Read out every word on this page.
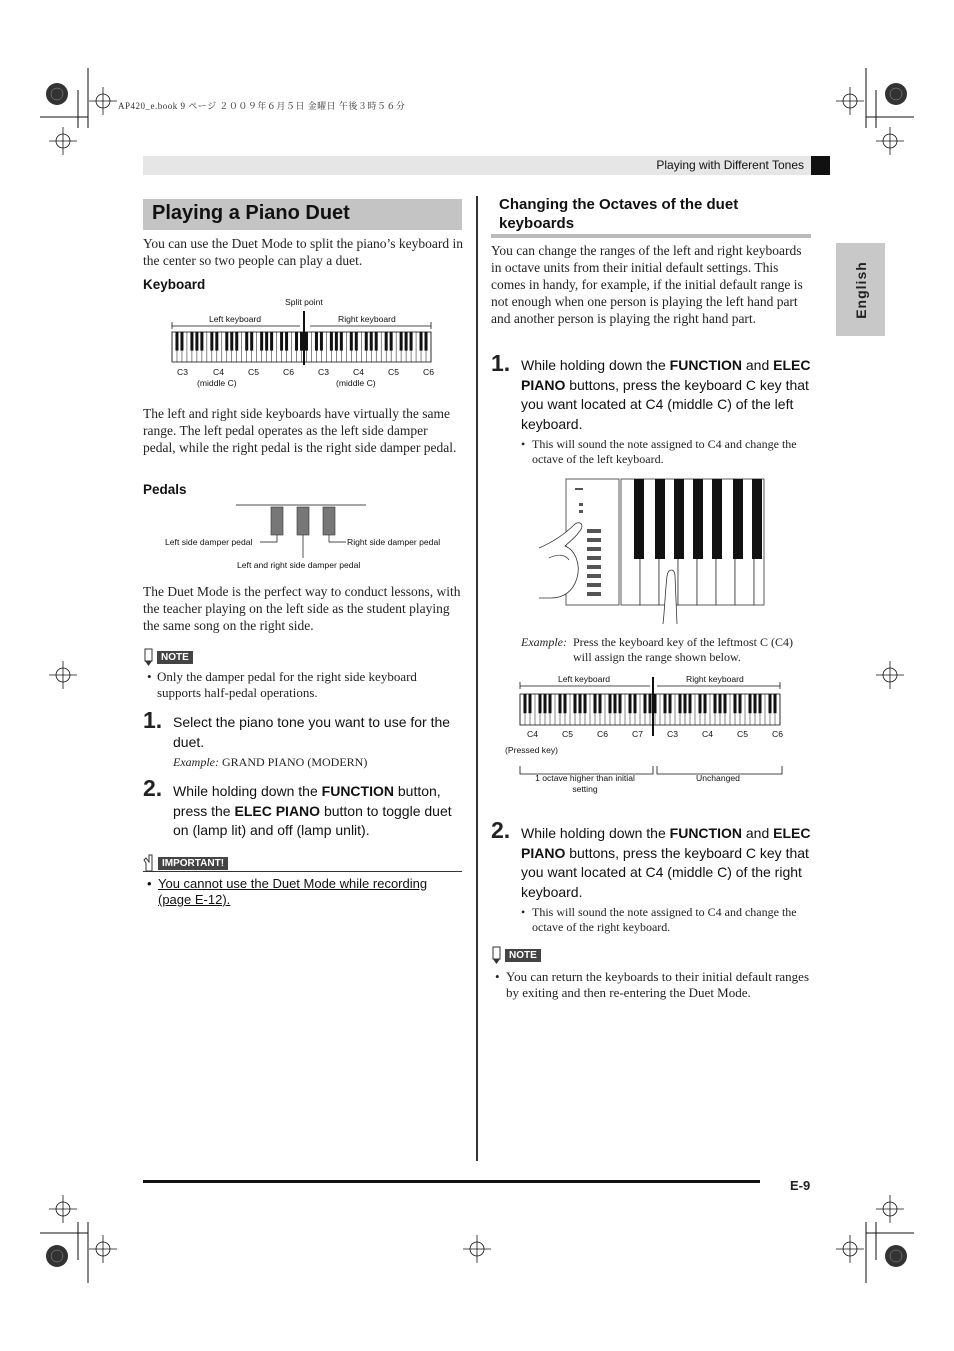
AP420_e.book 9 ページ ２００９年６月５日 金曜日 午後３時５６分
Playing with Different Tones
English
Playing a Piano Duet
You can use the Duet Mode to split the piano’s keyboard in the center so two people can play a duet.
Keyboard
Split point
Left keyboard	Right keyboard
C3	C4	C5	C6	C3	C4	C5	C6
(middle C)	(middle C)
The left and right side keyboards have virtually the same range. The left pedal operates as the left side damper pedal, while the right pedal is the right side damper pedal.
Pedals
Left side damper pedal	Right side damper pedal
Left and right side damper pedal
The Duet Mode is the perfect way to conduct lessons, with the teacher playing on the left side as the student playing the same song on the right side.
NOTE
• Only the damper pedal for the right side keyboard supports half-pedal operations.
1. Select the piano tone you want to use for the duet.
Example: GRAND PIANO (MODERN)
2. While holding down the FUNCTION button, press the ELEC PIANO button to toggle duet on (lamp lit) and off (lamp unlit).
IMPORTANT!
• You cannot use the Duet Mode while recording (page E-12).
Changing the Octaves of the duet keyboards
You can change the ranges of the left and right keyboards in octave units from their initial default settings. This comes in handy, for example, if the initial default range is not enough when one person is playing the left hand part and another person is playing the right hand part.
1. While holding down the FUNCTION and ELEC PIANO buttons, press the keyboard C key that you want located at C4 (middle C) of the left keyboard.
• This will sound the note assigned to C4 and change the octave of the left keyboard.
Example: Press the keyboard key of the leftmost C (C4) will assign the range shown below.
Left keyboard	Right keyboard
C4	C5	C6	C7	C3	C4	C5	C6
(Pressed key)
1 octave higher than initial setting
Unchanged
2. While holding down the FUNCTION and ELEC PIANO buttons, press the keyboard C key that you want located at C4 (middle C) of the right keyboard.
• This will sound the note assigned to C4 and change the octave of the right keyboard.
NOTE
• You can return the keyboards to their initial default ranges by exiting and then re-entering the Duet Mode.
E-9
